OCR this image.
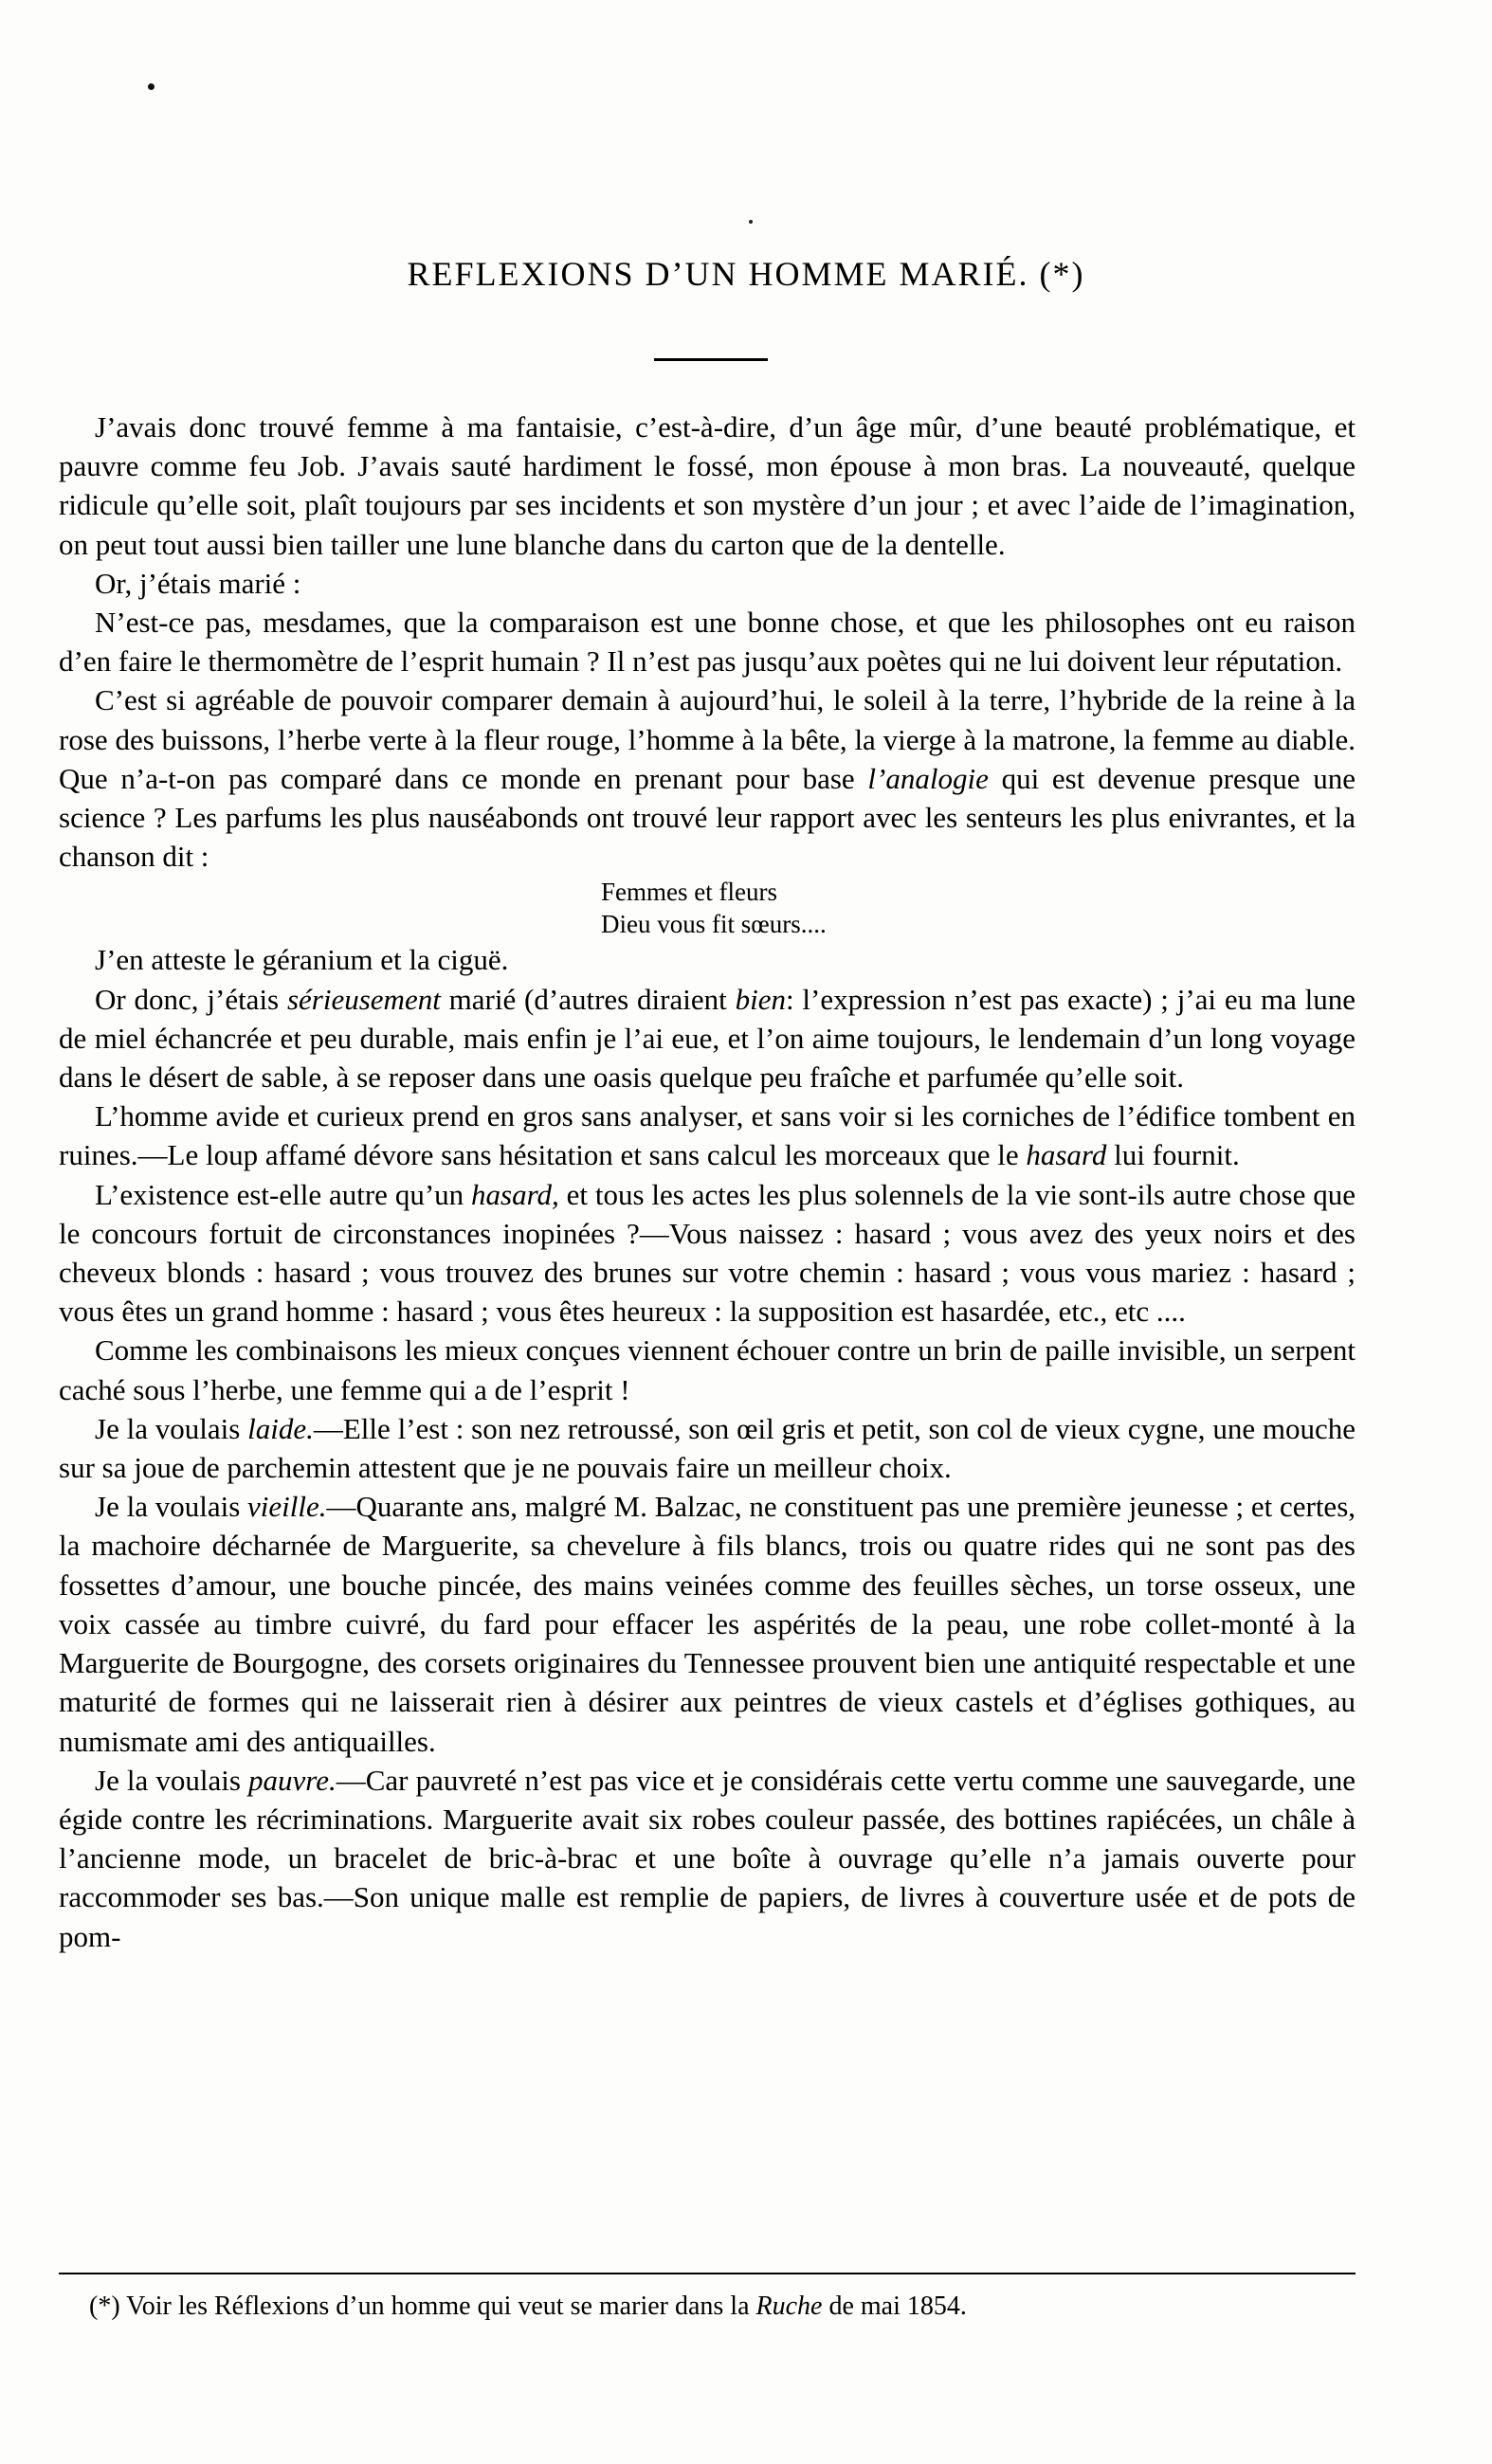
REFLEXIONS D’UN HOMME MARIÉ. (*)

J’avais donc trouvé femme à ma fantaisie, c’est-à-dire, d’un âge mûr, d’une beauté problématique, et pauvre comme feu Job. J’avais sauté hardiment le fossé, mon épouse à mon bras. La nouveauté, quelque ridicule qu’elle soit, plaît toujours par ses incidents et son mystère d’un jour ; et avec l’aide de l’imagination, on peut tout aussi bien tailler une lune blanche dans du carton que de la dentelle.

Or, j’étais marié :

N’est-ce pas, mesdames, que la comparaison est une bonne chose, et que les philosophes ont eu raison d’en faire le thermomètre de l’esprit humain ? Il n’est pas jusqu’aux poètes qui ne lui doivent leur réputation.

C’est si agréable de pouvoir comparer demain à aujourd’hui, le soleil à la terre, l’hybride de la reine à la rose des buissons, l’herbe verte à la fleur rouge, l’homme à la bête, la vierge à la matrone, la femme au diable. Que n’a-t-on pas comparé dans ce monde en prenant pour base l’analogie qui est devenue presque une science ? Les parfums les plus nauséabonds ont trouvé leur rapport avec les senteurs les plus enivrantes, et la chanson dit :

Femmes et fleurs
Dieu vous fit sœurs....

J’en atteste le géranium et la ciguë.

Or donc, j’étais sérieusement marié (d’autres diraient bien: l’expression n’est pas exacte) ; j’ai eu ma lune de miel échancrée et peu durable, mais enfin je l’ai eue, et l’on aime toujours, le lendemain d’un long voyage dans le désert de sable, à se reposer dans une oasis quelque peu fraîche et parfumée qu’elle soit.

L’homme avide et curieux prend en gros sans analyser, et sans voir si les corniches de l’édifice tombent en ruines.—Le loup affamé dévore sans hésitation et sans calcul les morceaux que le hasard lui fournit.

L’existence est-elle autre qu’un hasard, et tous les actes les plus solennels de la vie sont-ils autre chose que le concours fortuit de circonstances inopinées ?—Vous naissez : hasard ; vous avez des yeux noirs et des cheveux blonds : hasard ; vous trouvez des brunes sur votre chemin : hasard ; vous vous mariez : hasard ; vous êtes un grand homme : hasard ; vous êtes heureux : la supposition est hasardée, etc., etc ....

Comme les combinaisons les mieux conçues viennent échouer contre un brin de paille invisible, un serpent caché sous l’herbe, une femme qui a de l’esprit !

Je la voulais laide.—Elle l’est : son nez retroussé, son œil gris et petit, son col de vieux cygne, une mouche sur sa joue de parchemin attestent que je ne pouvais faire un meilleur choix.

Je la voulais vieille.—Quarante ans, malgré M. Balzac, ne constituent pas une première jeunesse ; et certes, la machoire décharnée de Marguerite, sa chevelure à fils blancs, trois ou quatre rides qui ne sont pas des fossettes d’amour, une bouche pincée, des mains veinées comme des feuilles sèches, un torse osseux, une voix cassée au timbre cuivré, du fard pour effacer les aspérités de la peau, une robe collet-monté à la Marguerite de Bourgogne, des corsets originaires du Tennessee prouvent bien une antiquité respectable et une maturité de formes qui ne laisserait rien à désirer aux peintres de vieux castels et d’églises gothiques, au numismate ami des antiquailles.

Je la voulais pauvre.—Car pauvreté n’est pas vice et je considérais cette vertu comme une sauvegarde, une égide contre les récriminations. Marguerite avait six robes couleur passée, des bottines rapiécées, un châle à l’ancienne mode, un bracelet de bric-à-brac et une boîte à ouvrage qu’elle n’a jamais ouverte pour raccommoder ses bas.—Son unique malle est remplie de papiers, de livres à couverture usée et de pots de pom-

(*) Voir les Réflexions d’un homme qui veut se marier dans la Ruche de mai 1854.
